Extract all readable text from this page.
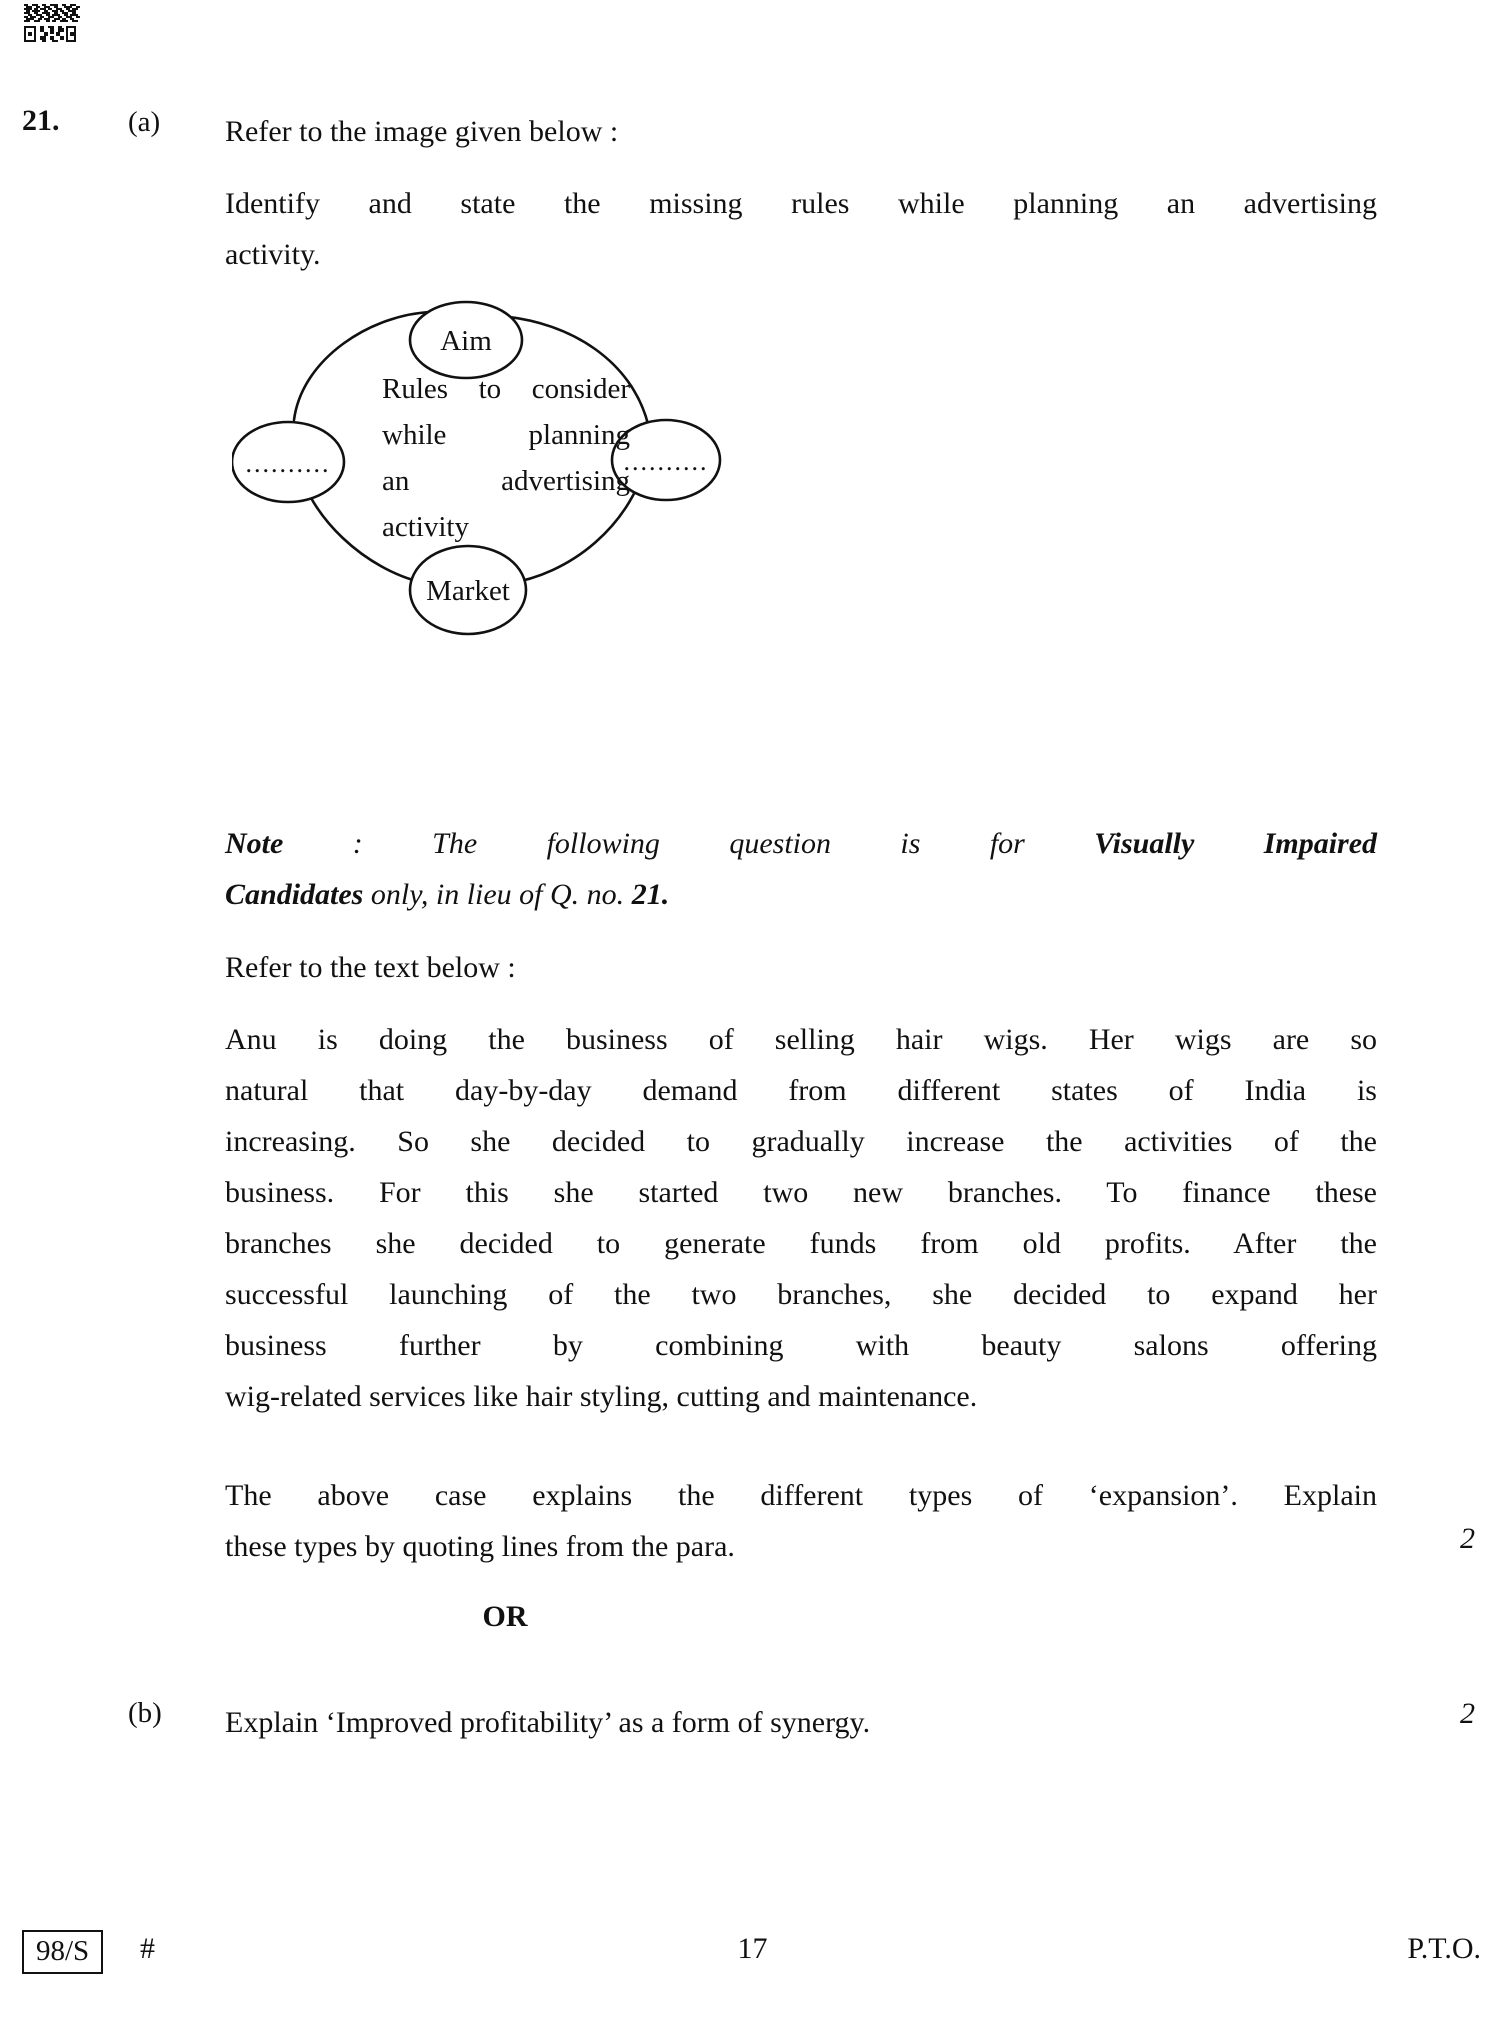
21. (a) Refer to the image given below :
Identify and state the missing rules while planning an advertising
activity.
Aim
..........	..........
Market
Rules to consider
while planning
an advertising
activity
Note : The following question is for Visually Impaired
Candidates only, in lieu of Q. no. 21.
Refer to the text below :
Anu is doing the business of selling hair wigs. Her wigs are so
natural that day-by-day demand from different states of India is
increasing. So she decided to gradually increase the activities of the
business. For this she started two new branches. To finance these
branches she decided to generate funds from old profits. After the
successful launching of the two branches, she decided to expand her
business further by combining with beauty salons offering
wig-related services like hair styling, cutting and maintenance.
The above case explains the different types of ‘expansion’. Explain
these types by quoting lines from the para.	2
OR
(b) Explain ‘Improved profitability’ as a form of synergy.	2
98/S	#	17	P.T.O.
